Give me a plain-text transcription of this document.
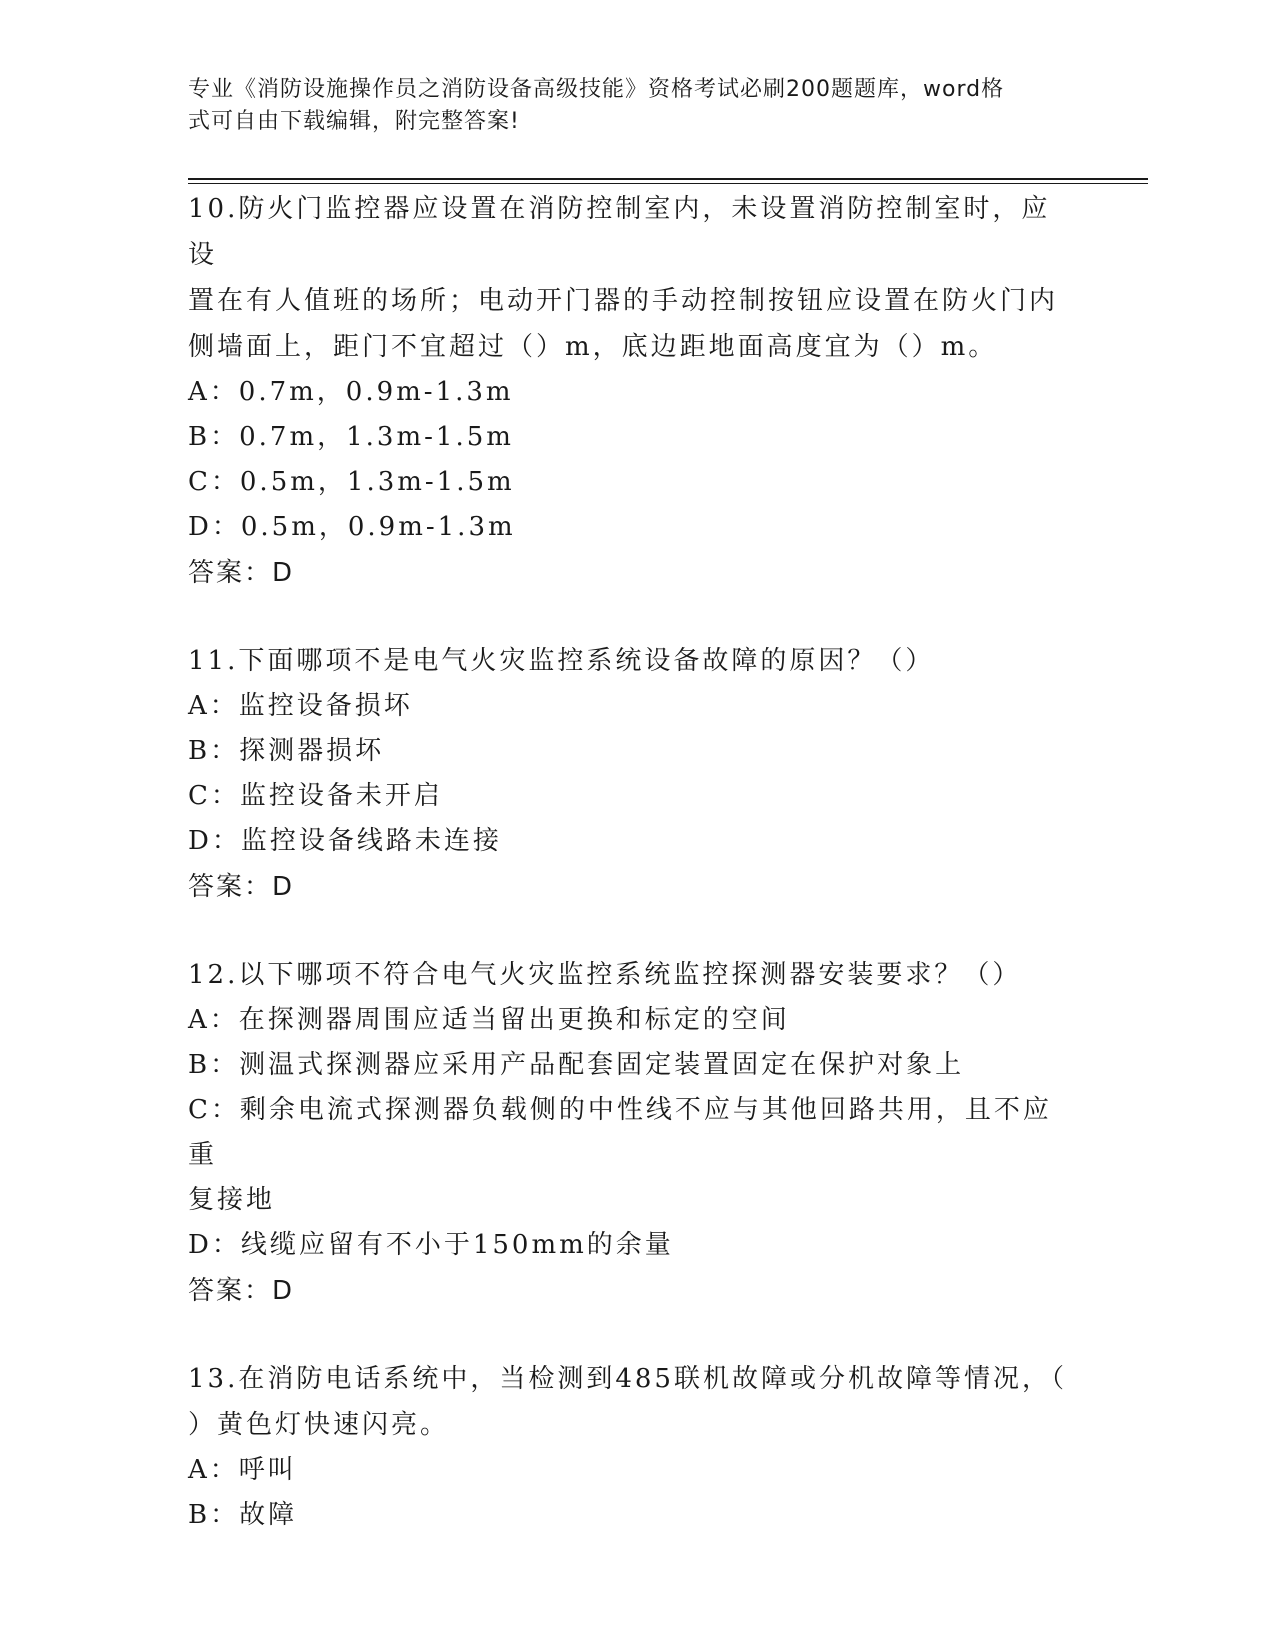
专业《消防设施操作员之消防设备高级技能》资格考试必刷200题题库，word格
式可自由下载编辑，附完整答案!

10.防火门监控器应设置在消防控制室内，未设置消防控制室时，应设

置在有人值班的场所；电动开门器的手动控制按钮应设置在防火门内

侧墙面上，距门不宜超过（）m，底边距地面高度宜为（）m。

A：0.7m，0.9m-1.3m

B：0.7m，1.3m-1.5m

C：0.5m，1.3m-1.5m

D：0.5m，0.9m-1.3m

答案：D

11.下面哪项不是电气火灾监控系统设备故障的原因？（）

A：监控设备损坏

B：探测器损坏

C：监控设备未开启

D：监控设备线路未连接

答案：D

12.以下哪项不符合电气火灾监控系统监控探测器安装要求？（）

A：在探测器周围应适当留出更换和标定的空间

B：测温式探测器应采用产品配套固定装置固定在保护对象上

C：剩余电流式探测器负载侧的中性线不应与其他回路共用，且不应重

复接地

D：线缆应留有不小于150mm的余量

答案：D

13.在消防电话系统中，当检测到485联机故障或分机故障等情况，（

）黄色灯快速闪亮。

A：呼叫

B：故障
